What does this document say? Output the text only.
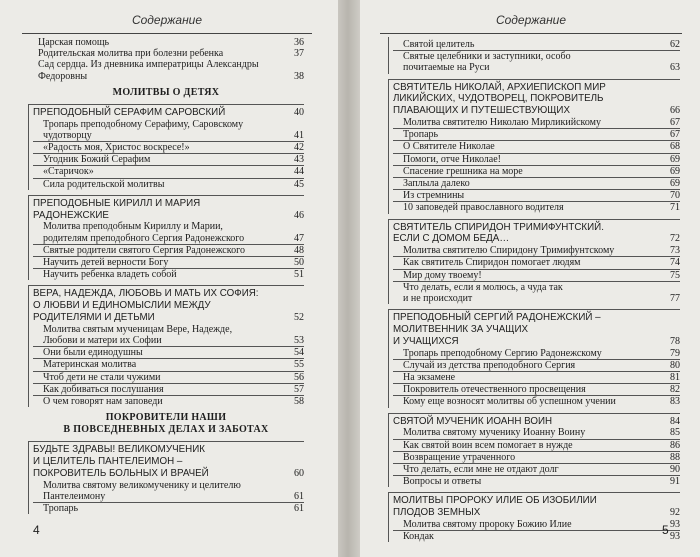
Содержание
Царская помощь	36
Родительская молитва при болезни ребенка	37
Сад сердца. Из дневника императрицы Александры
Федоровны	38
МОЛИТВЫ О ДЕТЯХ
ПРЕПОДОБНЫЙ СЕРАФИМ САРОВСКИЙ	40
Тропарь преподобному Серафиму, Саровскому
чудотворцу	41
«Радость моя, Христос воскресе!»	42
Угодник Божий Серафим	43
«Старичок»	44
Сила родительской молитвы	45
ПРЕПОДОБНЫЕ КИРИЛЛ И МАРИЯ
РАДОНЕЖСКИЕ	46
Молитва преподобным Кириллу и Марии,
родителям преподобного Сергия Радонежского	47
Святые родители святого Сергия Радонежского	48
Научить детей верности Богу	50
Научить ребенка владеть собой	51
ВЕРА, НАДЕЖДА, ЛЮБОВЬ И МАТЬ ИХ СОФИЯ:
О ЛЮБВИ И ЕДИНОМЫСЛИИ МЕЖДУ
РОДИТЕЛЯМИ И ДЕТЬМИ	52
Молитва святым мученицам Вере, Надежде,
Любови и матери их Софии	53
Они были единодушны	54
Материнская молитва	55
Чтоб дети не стали чужими	56
Как добиваться послушания	57
О чем говорят нам заповеди	58
ПОКРОВИТЕЛИ НАШИ
В ПОВСЕДНЕВНЫХ ДЕЛАХ И ЗАБОТАХ
БУДЬТЕ ЗДРАВЫ! ВЕЛИКОМУЧЕНИК
И ЦЕЛИТЕЛЬ ПАНТЕЛЕИМОН –
ПОКРОВИТЕЛЬ БОЛЬНЫХ И ВРАЧЕЙ	60
Молитва святому великомученику и целителю
Пантелеимону	61
Тропарь	61
4
Содержание
Святой целитель	62
Святые целебники и заступники, особо
почитаемые на Руси	63
СВЯТИТЕЛЬ НИКОЛАЙ, АРХИЕПИСКОП МИР
ЛИКИЙСКИХ, ЧУДОТВОРЕЦ, ПОКРОВИТЕЛЬ
ПЛАВАЮЩИХ И ПУТЕШЕСТВУЮЩИХ	66
Молитва святителю Николаю Мирликийскому	67
Тропарь	67
О Святителе Николае	68
Помоги, отче Николае!	69
Спасение грешника на море	69
Заплыла далеко	69
Из стремнины	70
10 заповедей православного водителя	71
СВЯТИТЕЛЬ СПИРИДОН ТРИМИФУНТСКИЙ.
ЕСЛИ С ДОМОМ БЕДА…	72
Молитва святителю Спиридону Тримифунтскому	73
Как святитель Спиридон помогает людям	74
Мир дому твоему!	75
Что делать, если я молюсь, а чуда так
и не происходит	77
ПРЕПОДОБНЫЙ СЕРГИЙ РАДОНЕЖСКИЙ –
МОЛИТВЕННИК ЗА УЧАЩИХ
И УЧАЩИХСЯ	78
Тропарь преподобному Сергию Радонежскому	79
Случай из детства преподобного Сергия	80
На экзамене	81
Покровитель отечественного просвещения	82
Кому еще возносят молитвы об успешном учении	83
СВЯТОЙ МУЧЕНИК ИОАНН ВОИН	84
Молитва святому мученику Иоанну Воину	85
Как святой воин всем помогает в нужде	86
Возвращение утраченного	88
Что делать, если мне не отдают долг	90
Вопросы и ответы	91
МОЛИТВЫ ПРОРОКУ ИЛИЕ ОБ ИЗОБИЛИИ
ПЛОДОВ ЗЕМНЫХ	92
Молитва святому пророку Божию Илие	93
Кондак	93
5
